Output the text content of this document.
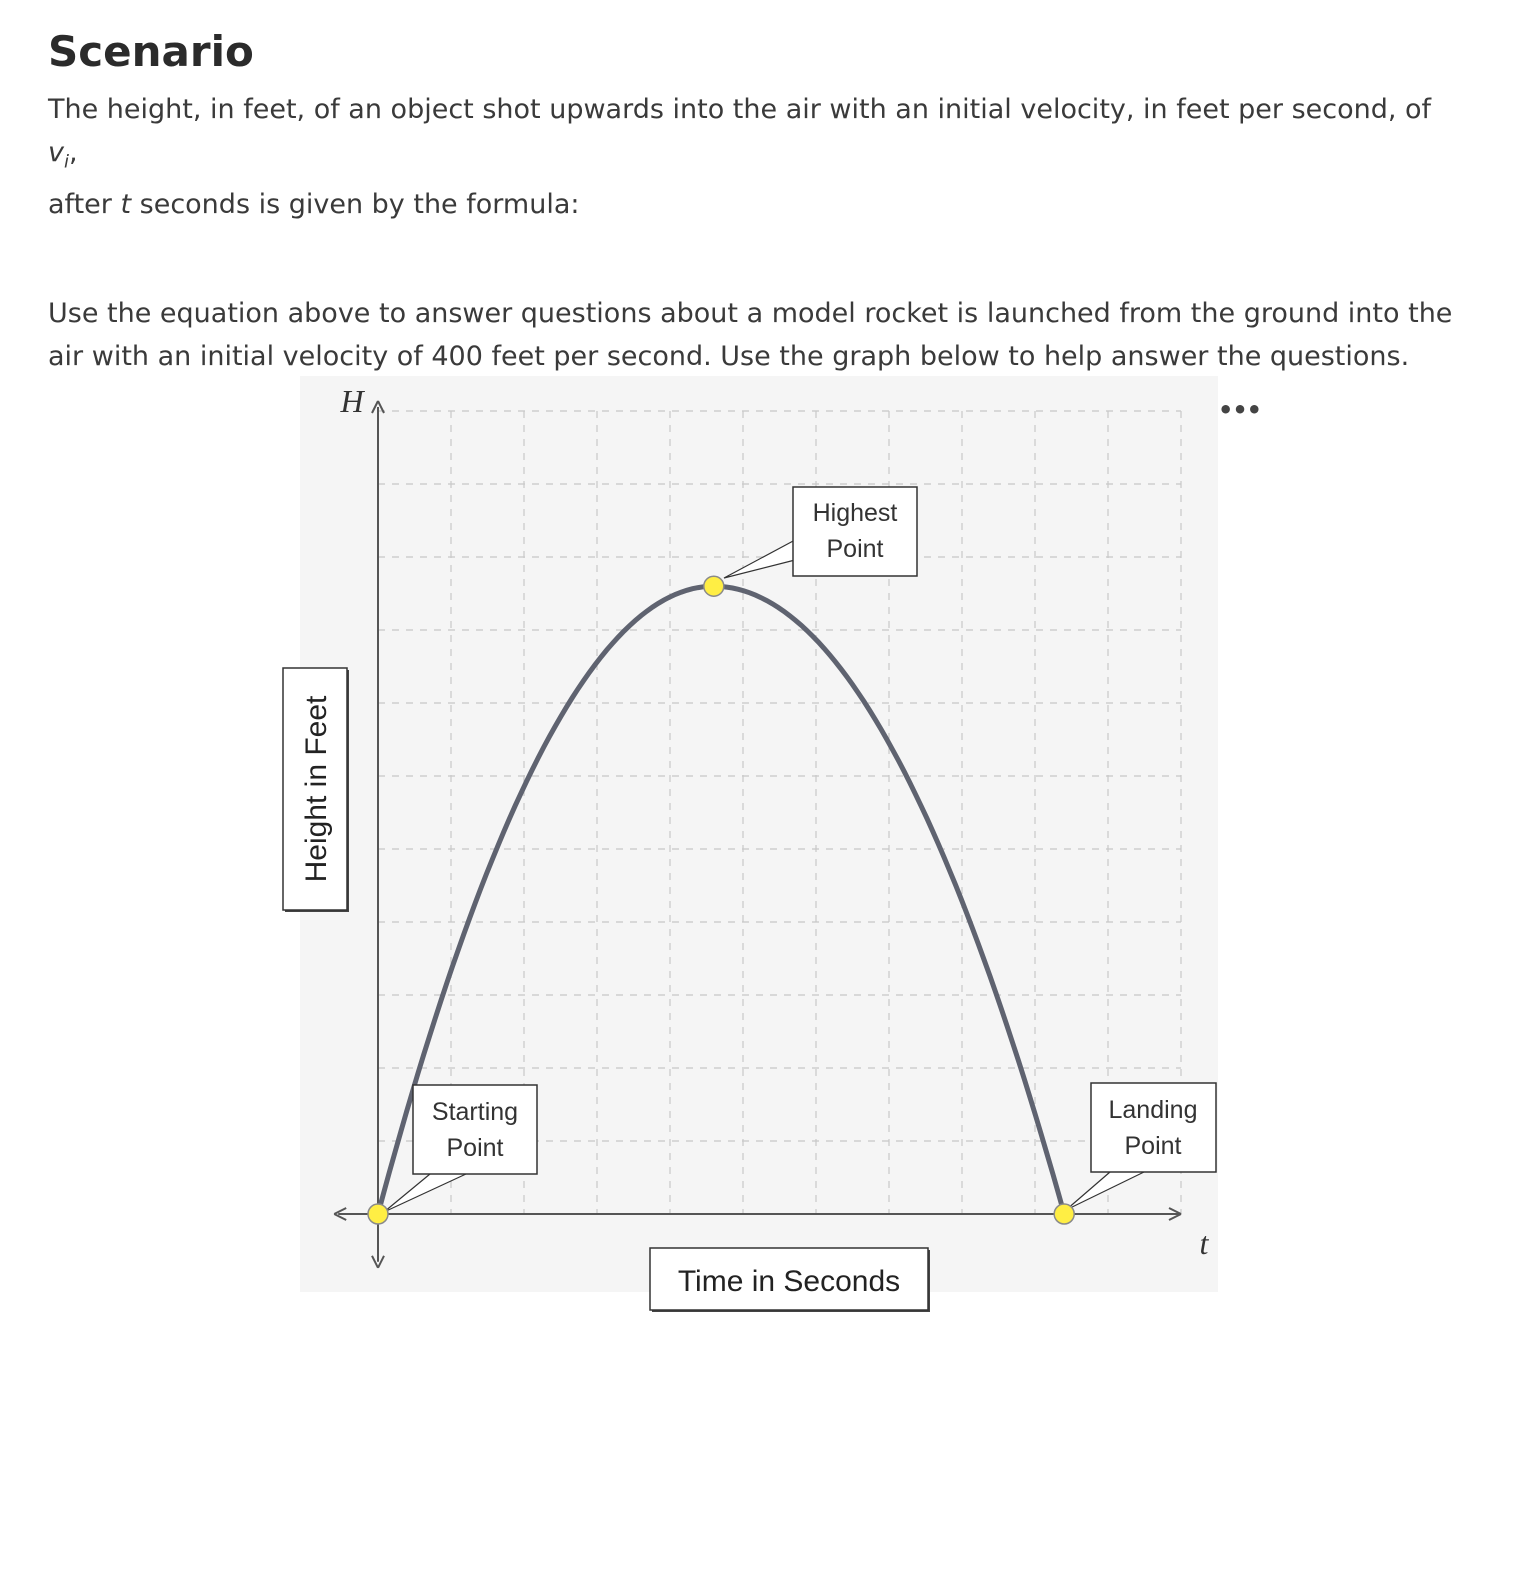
Scenario

The height, in feet, of an object shot upwards into the air with an initial velocity, in feet per second, of $v_i$,
after t seconds is given by the formula:

Use the equation above to answer questions about a model rocket is launched from the ground into the air with an initial velocity of 400 feet per second. Use the graph below to help answer the questions.

Highest
Point
Starting
Point
Landing
Point
H
t
Height in Feet
Time in Seconds
•••
